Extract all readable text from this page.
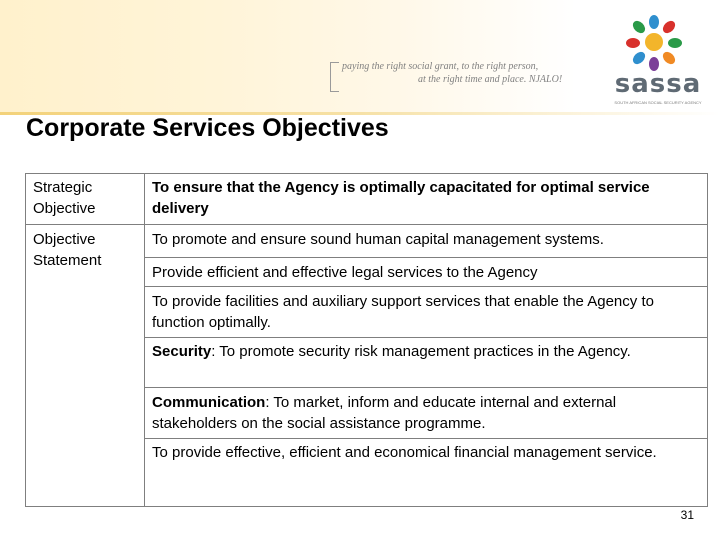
paying the right social grant, to the right person,
at the right time and place. NJALO!	sassa
SOUTH AFRICAN SOCIAL SECURITY AGENCY
Corporate Services Objectives
Strategic Objective
To ensure that the Agency is optimally capacitated for optimal service delivery
Objective Statement
To promote and ensure sound human capital management systems.
Provide efficient and effective legal services to the Agency
To provide facilities and auxiliary support services that enable the Agency to function optimally.
Security: To promote security risk management practices in the Agency.
Communication: To market, inform and educate internal and external stakeholders on the social assistance programme.
To provide effective, efficient and economical financial management service.
31
